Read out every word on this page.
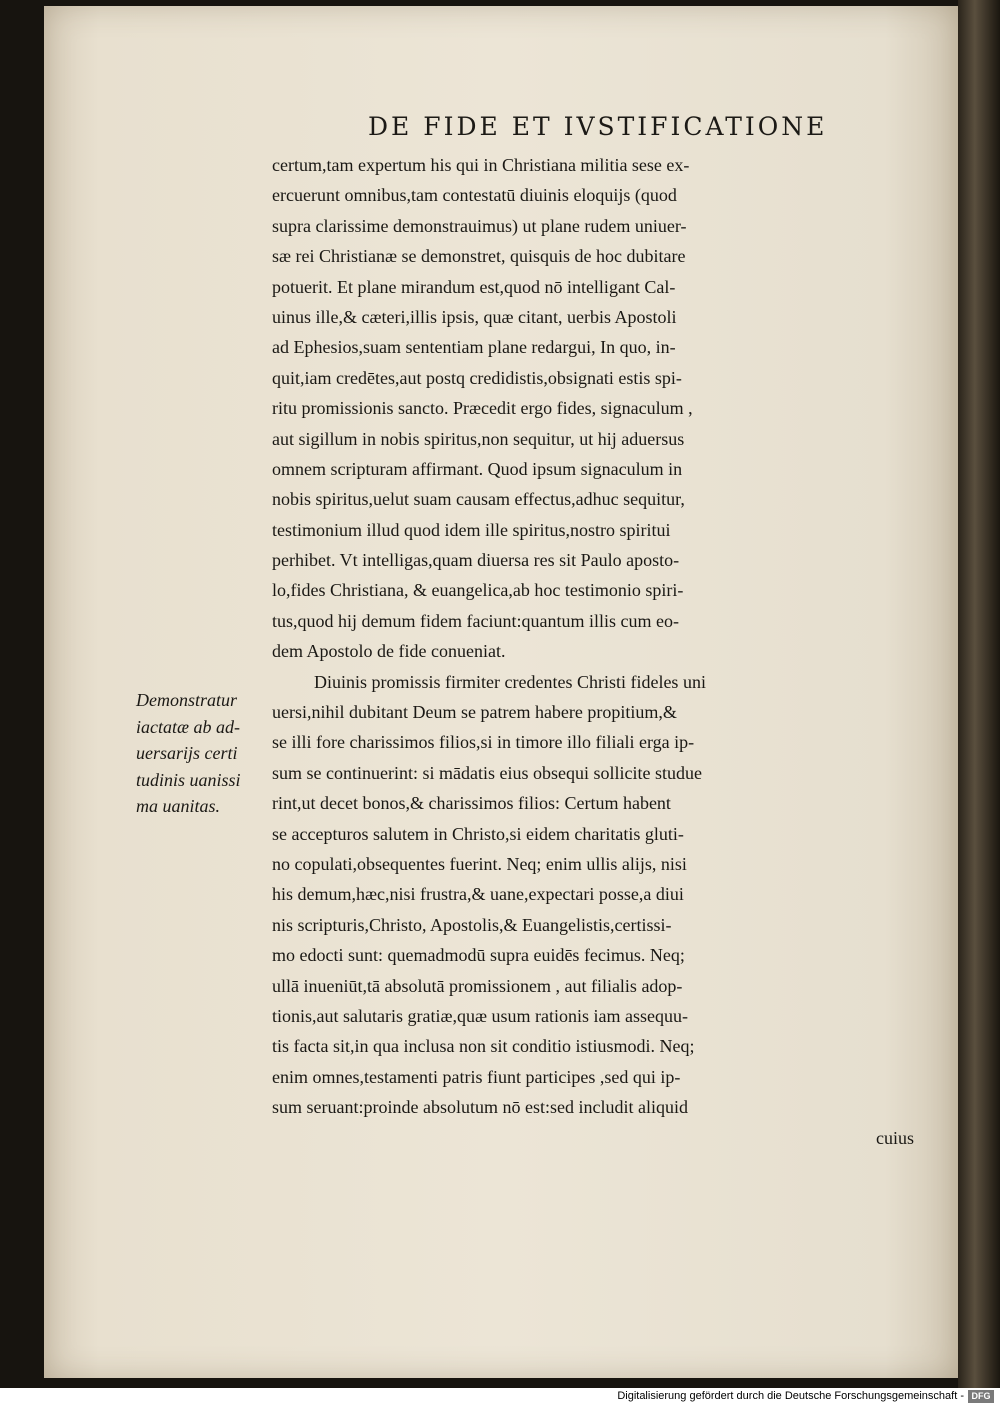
DE FIDE ET IVSTIFICATIONE
certum,tam expertum his qui in Christiana militia sese ex-
ercuerunt omnibus,tam contestatū diuinis eloquijs (quod
supra clarissime demonstrauimus) ut plane rudem uniuer-
sæ rei Christianæ se demonstret, quisquis de hoc dubitare
potuerit. Et plane mirandum est,quod nō intelligant Cal-
uinus ille,& cæteri,illis ipsis, quæ citant, uerbis Apostoli
ad Ephesios,suam sententiam plane redargui, In quo, in-
quit,iam credētes,aut postq credidistis,obsignati estis spi-
ritu promissionis sancto. Præcedit ergo fides, signaculum ,
aut sigillum in nobis spiritus,non sequitur, ut hij aduersus
omnem scripturam affirmant. Quod ipsum signaculum in
nobis spiritus,uelut suam causam effectus,adhuc sequitur,
testimonium illud quod idem ille spiritus,nostro spiritui
perhibet. Vt intelligas,quam diuersa res sit Paulo aposto-
lo,fides Christiana, & euangelica,ab hoc testimonio spiri-
tus,quod hij demum fidem faciunt:quantum illis cum eo-
dem Apostolo de fide conueniat.
Diuinis promissis firmiter credentes Christi fideles uni
uersi,nihil dubitant Deum se patrem habere propitium,&
se illi fore charissimos filios,si in timore illo filiali erga ip-
sum se continuerint: si mādatis eius obsequi sollicite studue
rint,ut decet bonos,& charissimos filios: Certum habent
se accepturos salutem in Christo,si eidem charitatis gluti-
no copulati,obsequentes fuerint. Neq; enim ullis alijs, nisi
his demum,hæc,nisi frustra,& uane,expectari posse,a diui
nis scripturis,Christo, Apostolis,& Euangelistis,certissi-
mo edocti sunt: quemadmodū supra euidēs fecimus. Neq;
ullā inueniūt,tā absolutā promissionem , aut filialis adop-
tionis,aut salutaris gratiæ,quæ usum rationis iam assequu-
tis facta sit,in qua inclusa non sit conditio istiusmodi. Neq;
enim omnes,testamenti patris fiunt participes ,sed qui ip-
sum seruant:proinde absolutum nō est:sed includit aliquid
cuius
Demonstratur
iactatæ ab ad-
uersarijs certi
tudinis uanissi
ma uanitas.
Digitalisierung gefördert durch die Deutsche Forschungsgemeinschaft - DFG
